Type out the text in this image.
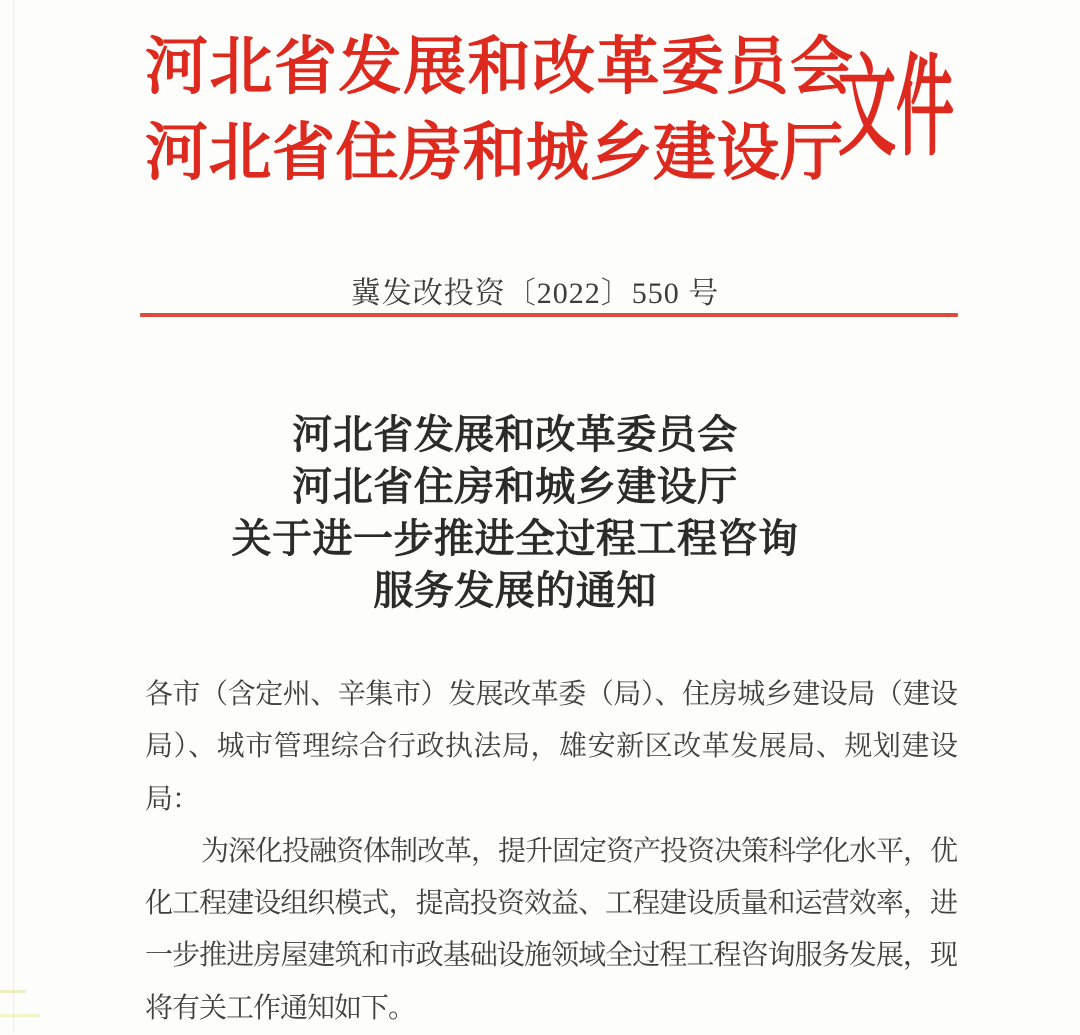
河北省发展和改革委员会
河北省住房和城乡建设厅
文件
冀发改投资〔2022〕550 号
河北省发展和改革委员会
河北省住房和城乡建设厅
关于进一步推进全过程工程咨询
服务发展的通知

各市（含定州、辛集市）发展改革委（局）、住房城乡建设局（建设局）、城市管理综合行政执法局，雄安新区改革发展局、规划建设局：

为深化投融资体制改革，提升固定资产投资决策科学化水平，优化工程建设组织模式，提高投资效益、工程建设质量和运营效率，进一步推进房屋建筑和市政基础设施领域全过程工程咨询服务发展，现将有关工作通知如下。
